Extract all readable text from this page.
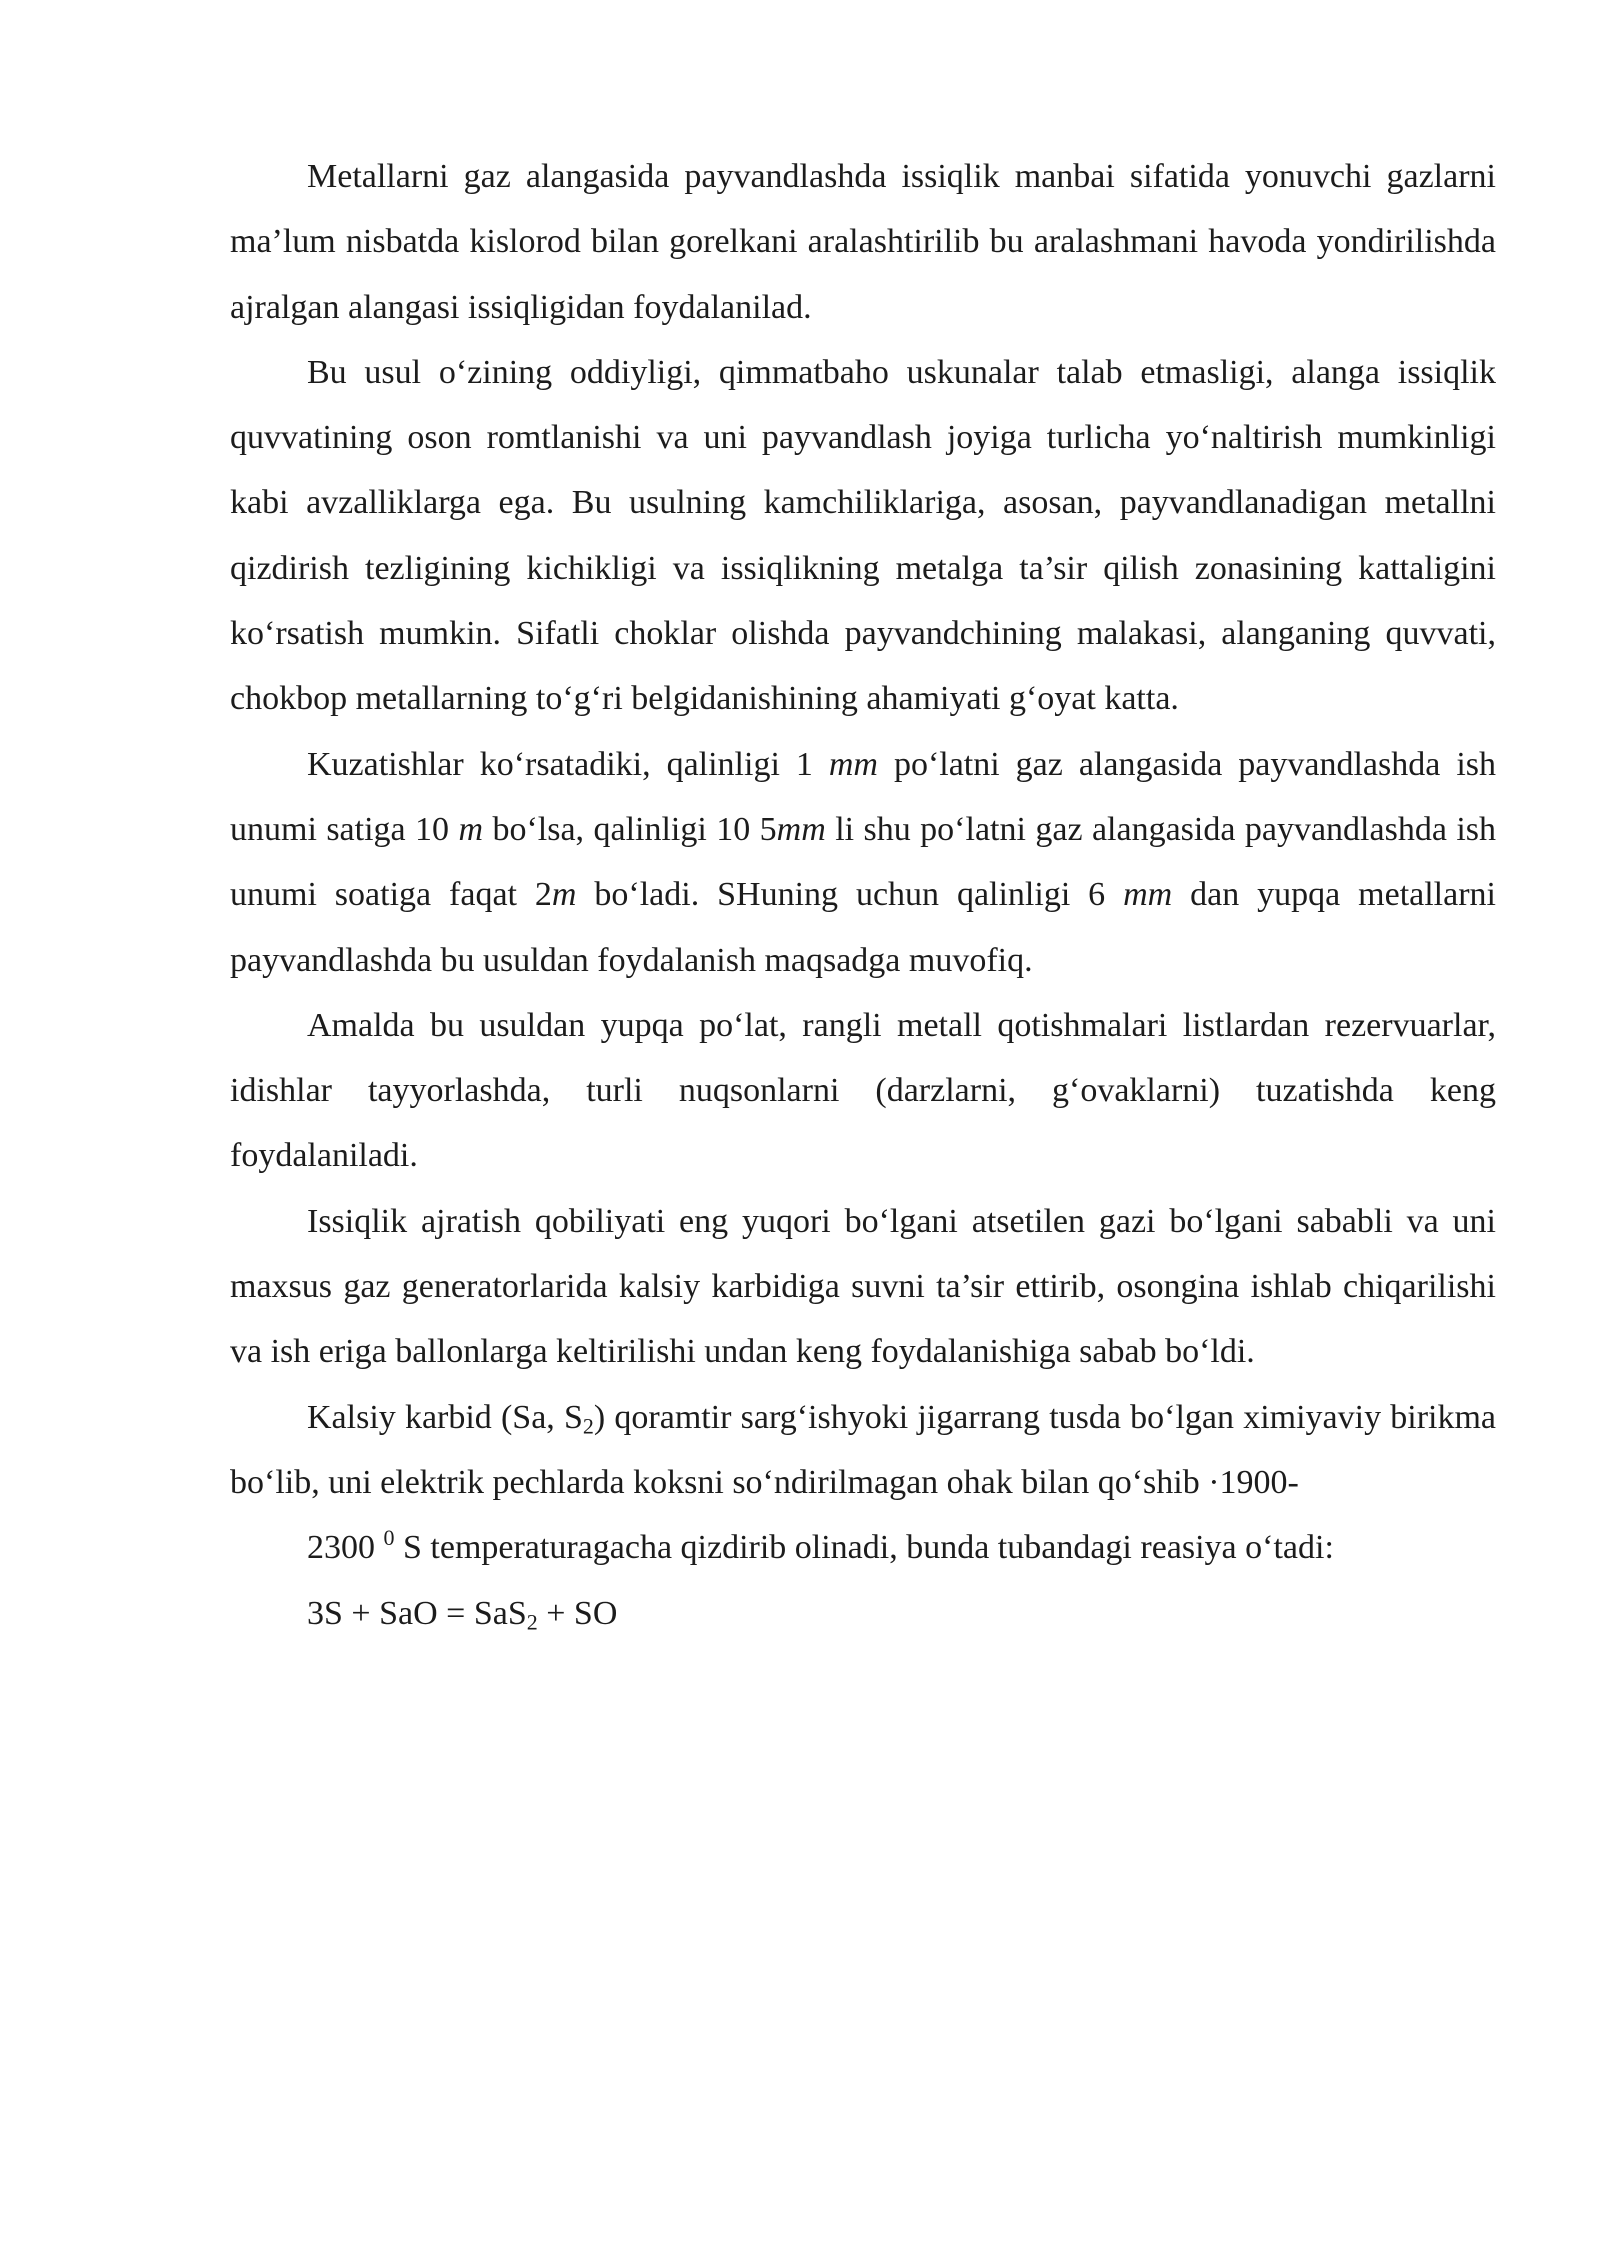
Metallarni gaz alangasida payvandlashda issiqlik manbai sifatida yonuvchi gazlarni ma’lum nisbatda kislorod bilan gorelkani aralashtirilib bu aralashmani havoda yondirilishda ajralgan alangasi issiqligidan foydalanilad.

Bu usul o‘zining oddiyligi, qimmatbaho uskunalar talab etmasligi, alanga issiqlik quvvatining oson romtlanishi va uni payvandlash joyiga turlicha yo‘naltirish mumkinligi kabi avzalliklarga ega. Bu usulning kamchiliklariga, asosan, payvandlanadigan metallni qizdirish tezligining kichikligi va issiqlikning metalga ta’sir qilish zonasining kattaligini ko‘rsatish mumkin. Sifatli choklar olishda payvandchining malakasi, alanganing quvvati, chokbop metallarning to‘g‘ri belgidanishining ahamiyati g‘oyat katta.

Kuzatishlar ko‘rsatadiki, qalinligi 1 mm po‘latni gaz alangasida payvandlashda ish unumi satiga 10 m bo‘lsa, qalinligi 10 5mm li shu po‘latni gaz alangasida payvandlashda ish unumi soatiga faqat 2m bo‘ladi. SHuning uchun qalinligi 6 mm dan yupqa metallarni payvandlashda bu usuldan foydalanish maqsadga muvofiq.

Amalda bu usuldan yupqa po‘lat, rangli metall qotishmalari listlardan rezervuarlar, idishlar tayyorlashda, turli nuqsonlarni (darzlarni, g‘ovaklarni) tuzatishda keng foydalaniladi.

Issiqlik ajratish qobiliyati eng yuqori bo‘lgani atsetilen gazi bo‘lgani sababli va uni maxsus gaz generatorlarida kalsiy karbidiga suvni ta’sir ettirib, osongina ishlab chiqarilishi va ish eriga ballonlarga keltirilishi undan keng foydalanishiga sabab bo‘ldi.

Kalsiy karbid (Sa, $S_2$) qoramtir sarg‘ishyoki jigarrang tusda bo‘lgan ximiyaviy birikma bo‘lib, uni elektrik pechlarda koksni so‘ndirilmagan ohak bilan qo‘shib ·1900-

2300 $^0$ S temperaturagacha qizdirib olinadi, bunda tubandagi reasiya o‘tadi:

3S + SaO = SaS$_2$ + SO
